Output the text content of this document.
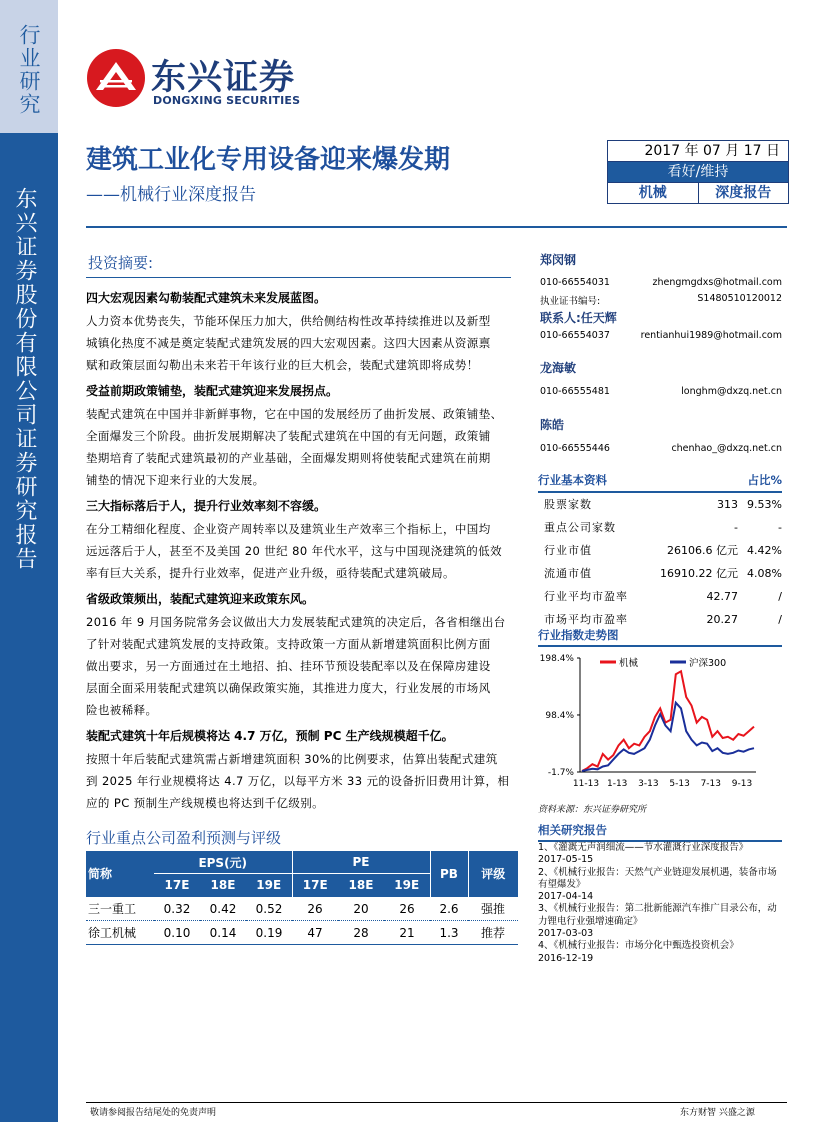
行业研究
东兴证券股份有限公司证券研究报告
东兴证券
DONGXING SECURITIES
建筑工业化专用设备迎来爆发期
——机械行业深度报告
2017 年 07 月 17 日
看好/维持
机械	深度报告
投资摘要:
四大宏观因素勾勒装配式建筑未来发展蓝图。
人力资本优势丧失，节能环保压力加大，供给侧结构性改革持续推进以及新型
城镇化热度不减是奠定装配式建筑发展的四大宏观因素。这四大因素从资源禀
赋和政策层面勾勒出未来若干年该行业的巨大机会，装配式建筑即将成势！
受益前期政策铺垫，装配式建筑迎来发展拐点。
装配式建筑在中国并非新鲜事物，它在中国的发展经历了曲折发展、政策铺垫、
全面爆发三个阶段。曲折发展期解决了装配式建筑在中国的有无问题，政策铺
垫期培育了装配式建筑最初的产业基础，全面爆发期则将使装配式建筑在前期
铺垫的情况下迎来行业的大发展。
三大指标落后于人，提升行业效率刻不容缓。
在分工精细化程度、企业资产周转率以及建筑业生产效率三个指标上，中国均
远远落后于人，甚至不及美国 20 世纪 80 年代水平，这与中国现浇建筑的低效
率有巨大关系，提升行业效率，促进产业升级，亟待装配式建筑破局。
省级政策频出，装配式建筑迎来政策东风。
2016 年 9 月国务院常务会议做出大力发展装配式建筑的决定后，各省相继出台
了针对装配式建筑发展的支持政策。支持政策一方面从新增建筑面积比例方面
做出要求，另一方面通过在土地招、拍、挂环节预设装配率以及在保障房建设
层面全面采用装配式建筑以确保政策实施，其推进力度大，行业发展的市场风
险也被稀释。
装配式建筑十年后规模将达 4.7 万亿，预制 PC 生产线规模超千亿。
按照十年后装配式建筑需占新增建筑面积 30%的比例要求，估算出装配式建筑
到 2025 年行业规模将达 4.7 万亿，以每平方米 33 元的设备折旧费用计算，相
应的 PC 预制生产线规模也将达到千亿级别。
郑闵钢
010-66554031	zhengmgdxs@hotmail.com
执业证书编号:	S1480510120012
联系人:任天辉
010-66554037	rentianhui1989@hotmail.com
龙海敏
010-66555481	longhm@dxzq.net.cn
陈皓
010-66555446	chenhao_@dxzq.net.cn
行业基本资料	占比%
股票家数	313 9.53%
重点公司家数	-	-
行业市值	26106.6 亿元 4.42%
流通市值	16910.22 亿元 4.08%
行业平均市盈率	42.77	/
市场平均市盈率	20.27	/
行业指数走势图
198.4%
98.4%
-1.7%
11-13 1-13 3-13 5-13 7-13 9-13
机械	沪深300
资料来源：东兴证券研究所
相关研究报告
1、《灌溉无声润细流——节水灌溉行业深度报告》
2017-05-15
2、《机械行业报告：天然气产业链迎发展机遇，装备市场有望爆发》
2017-04-14
3、《机械行业报告：第二批新能源汽车推广目录公布，动力锂电行业强增速确定》
2017-03-03
4、《机械行业报告：市场分化中甄选投资机会》
2016-12-19
行业重点公司盈利预测与评级
简称	EPS(元)			PE			PB	评级
	17E	18E	19E	17E	18E	19E		
三一重工	0.32	0.42	0.52	26	20	26	2.6	强推
徐工机械	0.10	0.14	0.19	47	28	21	1.3	推荐
敬请参阅报告结尾处的免责声明	东方财智 兴盛之源
